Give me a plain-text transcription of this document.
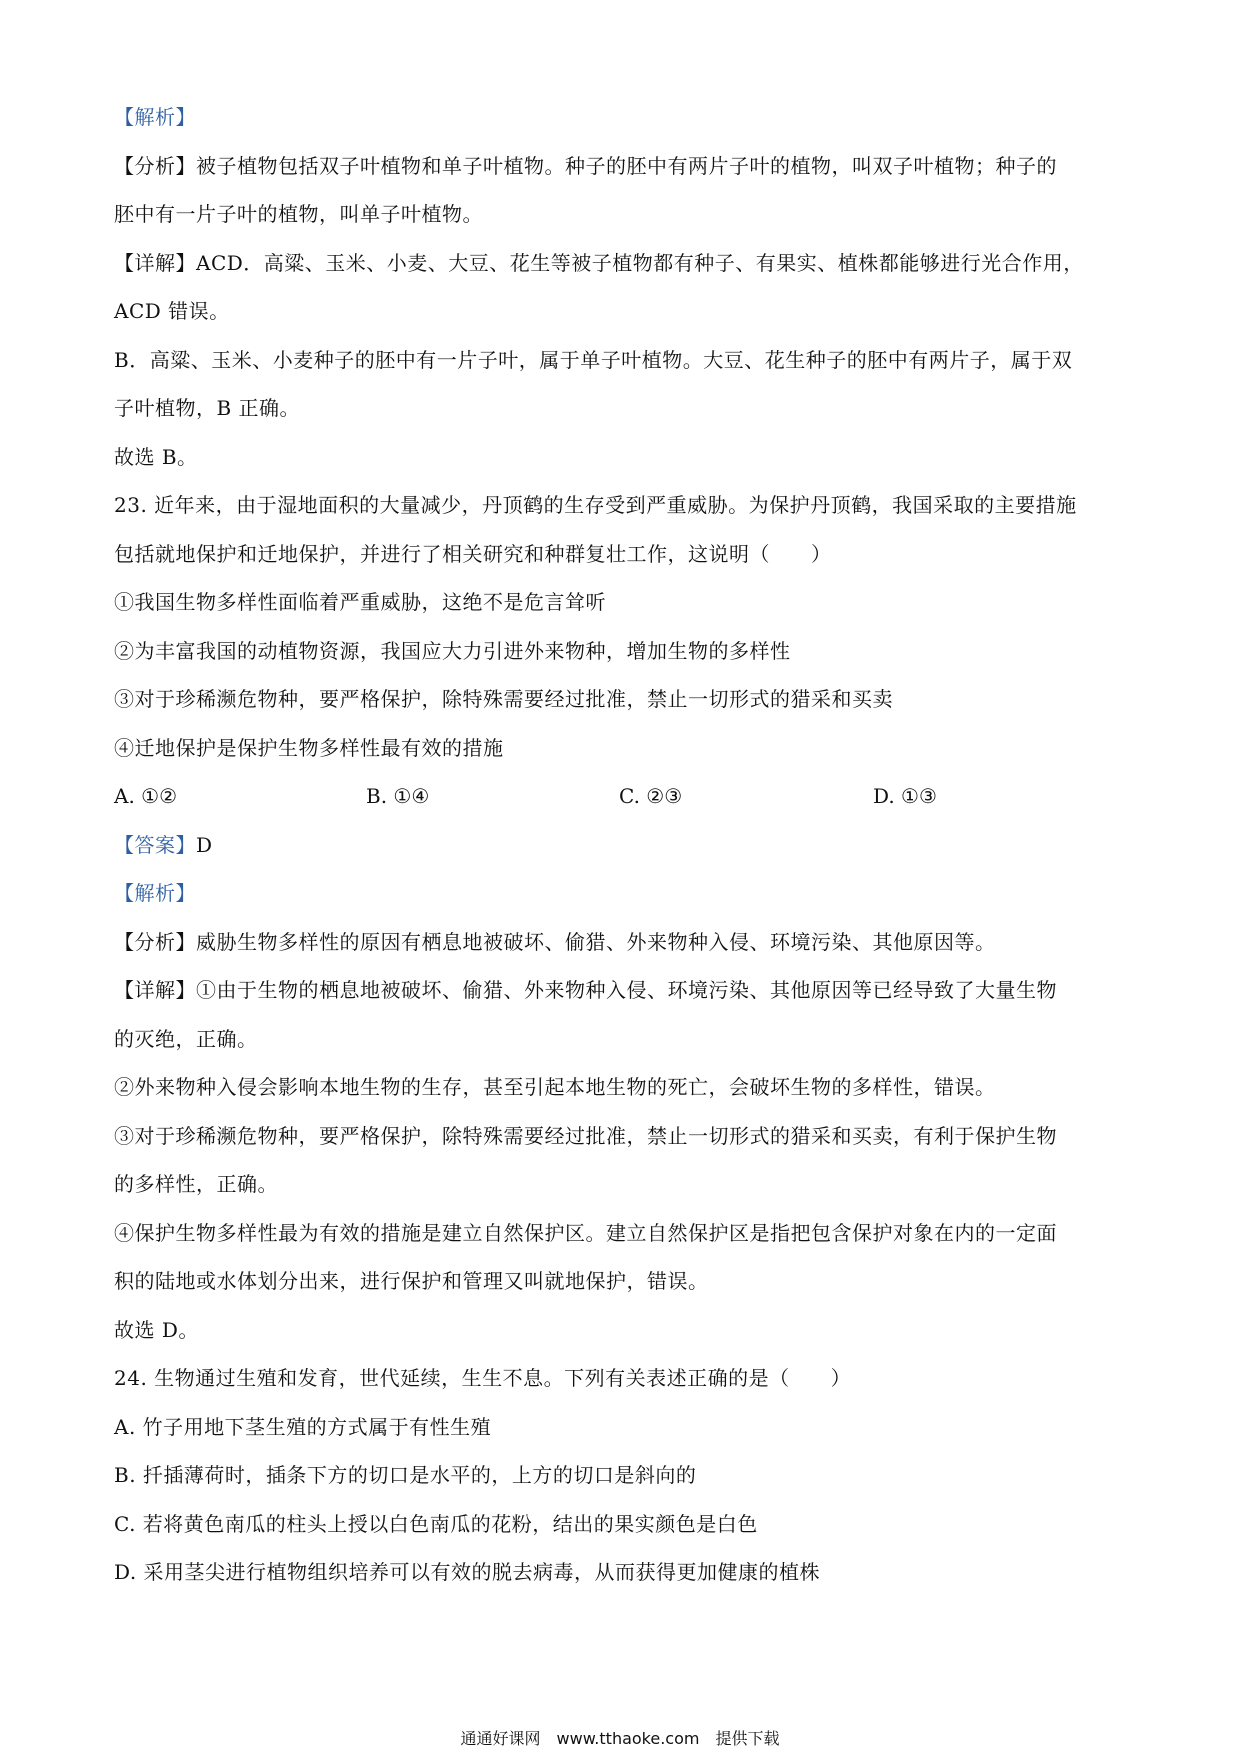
【解析】
【分析】被子植物包括双子叶植物和单子叶植物。种子的胚中有两片子叶的植物，叫双子叶植物；种子的
胚中有一片子叶的植物，叫单子叶植物。
【详解】ACD．高粱、玉米、小麦、大豆、花生等被子植物都有种子、有果实、植株都能够进行光合作用，
ACD 错误。
B．高粱、玉米、小麦种子的胚中有一片子叶，属于单子叶植物。大豆、花生种子的胚中有两片子，属于双
子叶植物，B 正确。
故选 B。
23. 近年来，由于湿地面积的大量减少，丹顶鹤的生存受到严重威胁。为保护丹顶鹤，我国采取的主要措施
包括就地保护和迁地保护，并进行了相关研究和种群复壮工作，这说明（　　）
①我国生物多样性面临着严重威胁，这绝不是危言耸听
②为丰富我国的动植物资源，我国应大力引进外来物种，增加生物的多样性
③对于珍稀濒危物种，要严格保护，除特殊需要经过批准，禁止一切形式的猎采和买卖
④迁地保护是保护生物多样性最有效的措施
A. ①②	B. ①④	C. ②③	D. ①③
【答案】D
【解析】
【分析】威胁生物多样性的原因有栖息地被破坏、偷猎、外来物种入侵、环境污染、其他原因等。
【详解】①由于生物的栖息地被破坏、偷猎、外来物种入侵、环境污染、其他原因等已经导致了大量生物
的灭绝，正确。
②外来物种入侵会影响本地生物的生存，甚至引起本地生物的死亡，会破坏生物的多样性，错误。
③对于珍稀濒危物种，要严格保护，除特殊需要经过批准，禁止一切形式的猎采和买卖，有利于保护生物
的多样性，正确。
④保护生物多样性最为有效的措施是建立自然保护区。建立自然保护区是指把包含保护对象在内的一定面
积的陆地或水体划分出来，进行保护和管理又叫就地保护，错误。
故选 D。
24. 生物通过生殖和发育，世代延续，生生不息。下列有关表述正确的是（　　）
A. 竹子用地下茎生殖的方式属于有性生殖
B. 扦插薄荷时，插条下方的切口是水平的，上方的切口是斜向的
C. 若将黄色南瓜的柱头上授以白色南瓜的花粉，结出的果实颜色是白色
D. 采用茎尖进行植物组织培养可以有效的脱去病毒，从而获得更加健康的植株
通通好课网　www.tthaoke.com　提供下载
